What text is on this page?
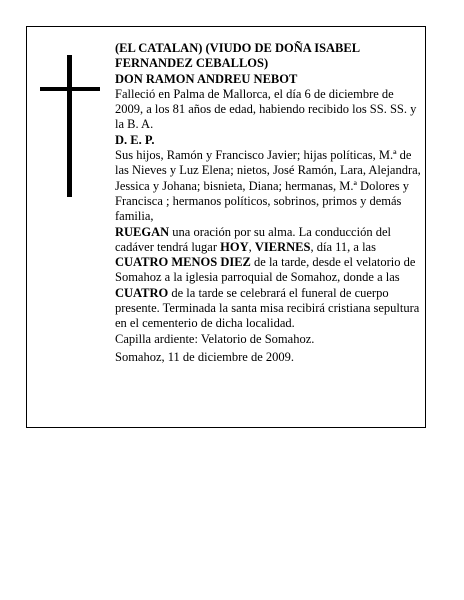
(EL CATALAN) (VIUDO DE DOÑA ISABEL
FERNANDEZ CEBALLOS)
DON RAMON ANDREU NEBOT

Falleció en Palma de Mallorca, el día 6 de diciembre de 2009, a los 81 años de edad, habiendo recibido los SS. SS. y la B. A.

D. E. P.

Sus hijos, Ramón y Francisco Javier; hijas políticas, M.ª de las Nieves y Luz Elena; nietos, José Ramón, Lara, Alejandra, Jessica y Johana; bisnieta, Diana; hermanas, M.ª Dolores y Francisca ; hermanos políticos, sobrinos, primos y demás familia,
RUEGAN una oración por su alma. La conducción del cadáver tendrá lugar HOY, VIERNES, día 11, a las CUATRO MENOS DIEZ de la tarde, desde el velatorio de Somahoz a la iglesia parroquial de Somahoz, donde a las CUATRO de la tarde se celebrará el funeral de cuerpo presente. Terminada la santa misa recibirá cristiana sepultura en el cementerio de dicha localidad.

Capilla ardiente: Velatorio de Somahoz.

Somahoz, 11 de diciembre de 2009.
